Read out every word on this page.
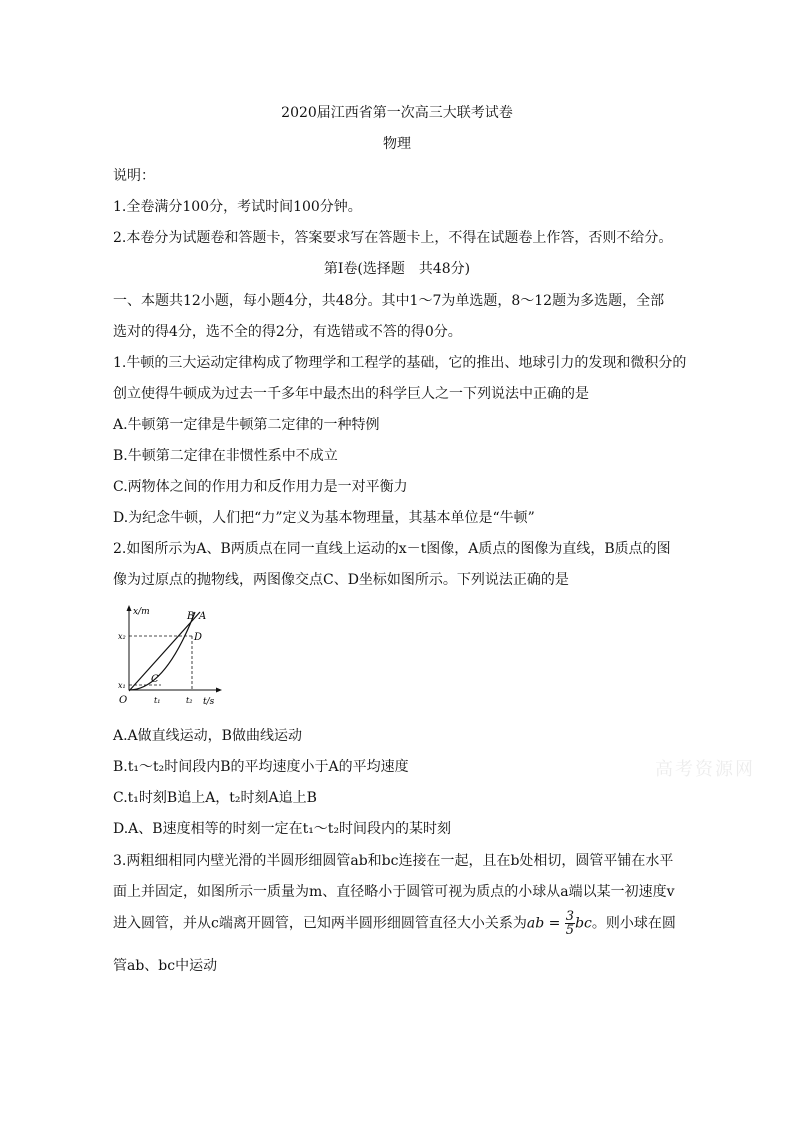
2020届江西省第一次高三大联考试卷
物理
说明：
1.全卷满分100分，考试时间100分钟。
2.本卷分为试题卷和答题卡，答案要求写在答题卡上，不得在试题卷上作答，否则不给分。
第Ⅰ卷(选择题　共48分)
一、本题共12小题，每小题4分，共48分。其中1～7为单选题，8～12题为多选题，全部
选对的得4分，选不全的得2分，有选错或不答的得0分。
1.牛顿的三大运动定律构成了物理学和工程学的基础，它的推出、地球引力的发现和微积分的
创立使得牛顿成为过去一千多年中最杰出的科学巨人之一下列说法中正确的是
A.牛顿第一定律是牛顿第二定律的一种特例
B.牛顿第二定律在非惯性系中不成立
C.两物体之间的作用力和反作用力是一对平衡力
D.为纪念牛顿，人们把“力”定义为基本物理量，其基本单位是“牛顿”
2.如图所示为A、B两质点在同一直线上运动的x－t图像，A质点的图像为直线，B质点的图
像为过原点的抛物线，两图像交点C、D坐标如图所示。下列说法正确的是
x/m
t/s
O
x₂
x₁
t₁	t₂
B A
C
D
A.A做直线运动，B做曲线运动
B.t₁～t₂时间段内B的平均速度小于A的平均速度
C.t₁时刻B追上A，t₂时刻A追上B
D.A、B速度相等的时刻一定在t₁～t₂时间段内的某时刻
3.两粗细相同内壁光滑的半圆形细圆管ab和bc连接在一起，且在b处相切，圆管平铺在水平
面上并固定，如图所示一质量为m、直径略小于圆管可视为质点的小球从a端以某一初速度v
进入圆管，并从c端离开圆管，已知两半圆形细圆管直径大小关系为ab = $\frac{3}{5}$ bc。则小球在圆
管ab、bc中运动
高考资源网
